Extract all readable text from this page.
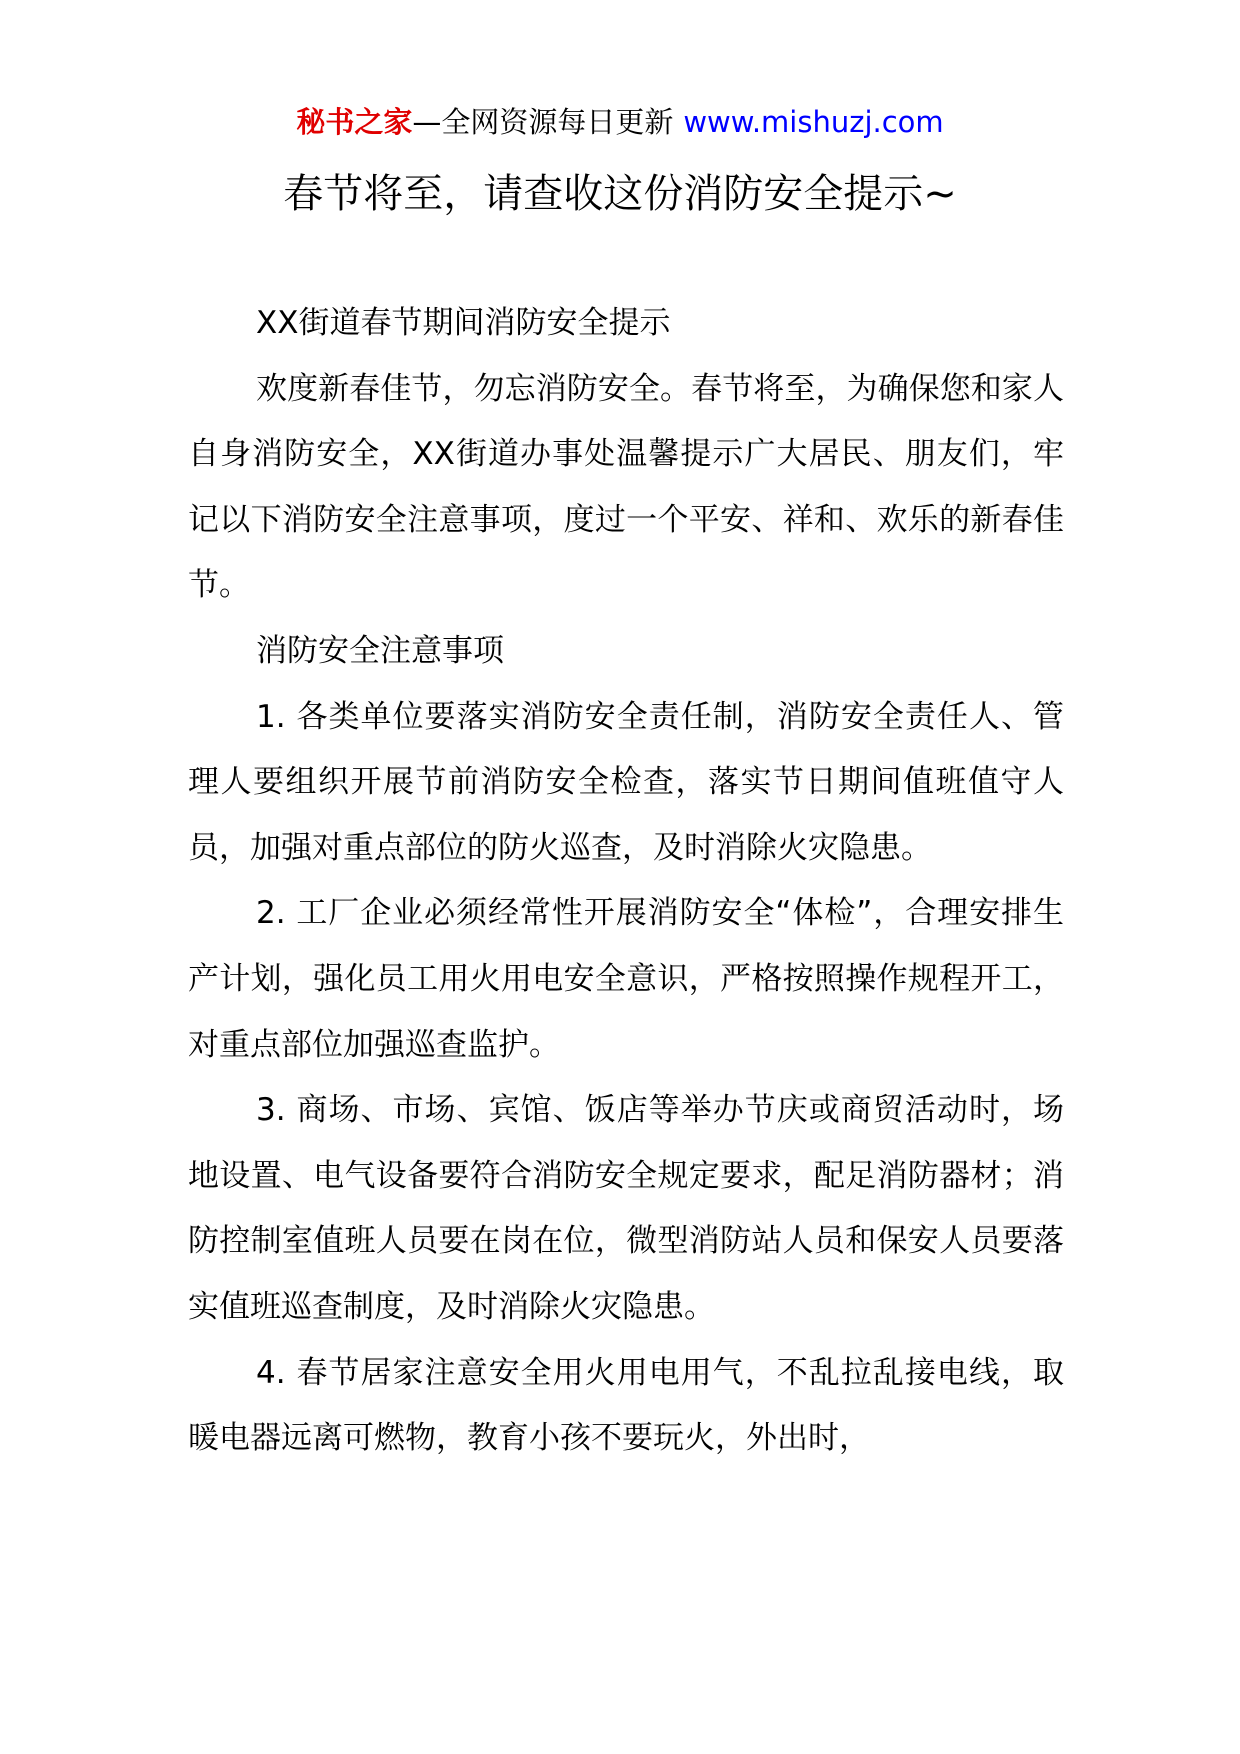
秘书之家—全网资源每日更新 www.mishuzj.com
春节将至，请查收这份消防安全提示~

XX街道春节期间消防安全提示

欢度新春佳节，勿忘消防安全。春节将至，为确保您和家人自身消防安全，XX街道办事处温馨提示广大居民、朋友们，牢记以下消防安全注意事项，度过一个平安、祥和、欢乐的新春佳节。

消防安全注意事项

1. 各类单位要落实消防安全责任制，消防安全责任人、管理人要组织开展节前消防安全检查，落实节日期间值班值守人员，加强对重点部位的防火巡查，及时消除火灾隐患。

2. 工厂企业必须经常性开展消防安全“体检”，合理安排生产计划，强化员工用火用电安全意识，严格按照操作规程开工，对重点部位加强巡查监护。

3. 商场、市场、宾馆、饭店等举办节庆或商贸活动时，场地设置、电气设备要符合消防安全规定要求，配足消防器材；消防控制室值班人员要在岗在位，微型消防站人员和保安人员要落实值班巡查制度，及时消除火灾隐患。

4. 春节居家注意安全用火用电用气，不乱拉乱接电线，取暖电器远离可燃物，教育小孩不要玩火，外出时，
